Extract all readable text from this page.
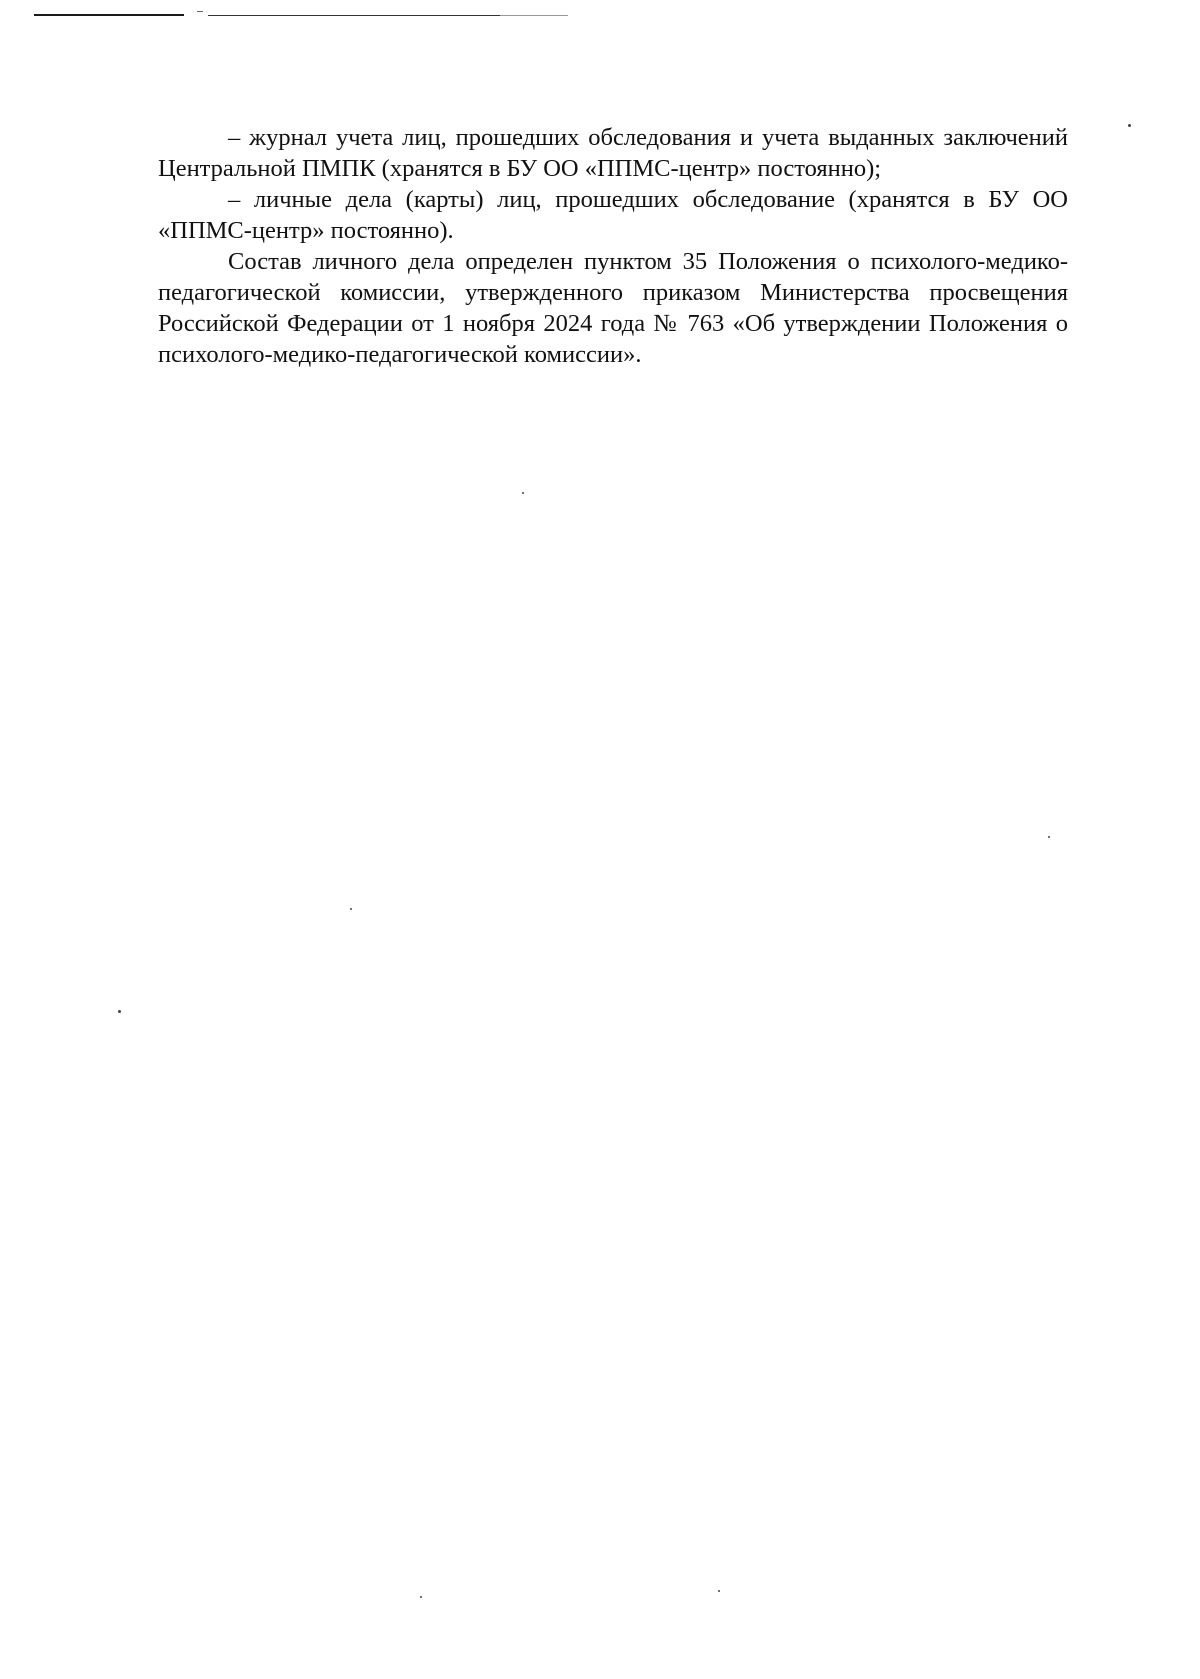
– журнал учета лиц, прошедших обследования и учета выданных заключений Центральной ПМПК (хранятся в БУ ОО «ППМС-центр» постоянно);

– личные дела (карты) лиц, прошедших обследование (хранятся в БУ ОО «ППМС-центр» постоянно).

Состав личного дела определен пунктом 35 Положения о психолого-медико-педагогической комиссии, утвержденного приказом Министерства просвещения Российской Федерации от 1 ноября 2024 года № 763 «Об утверждении Положения о психолого-медико-педагогической комиссии».
